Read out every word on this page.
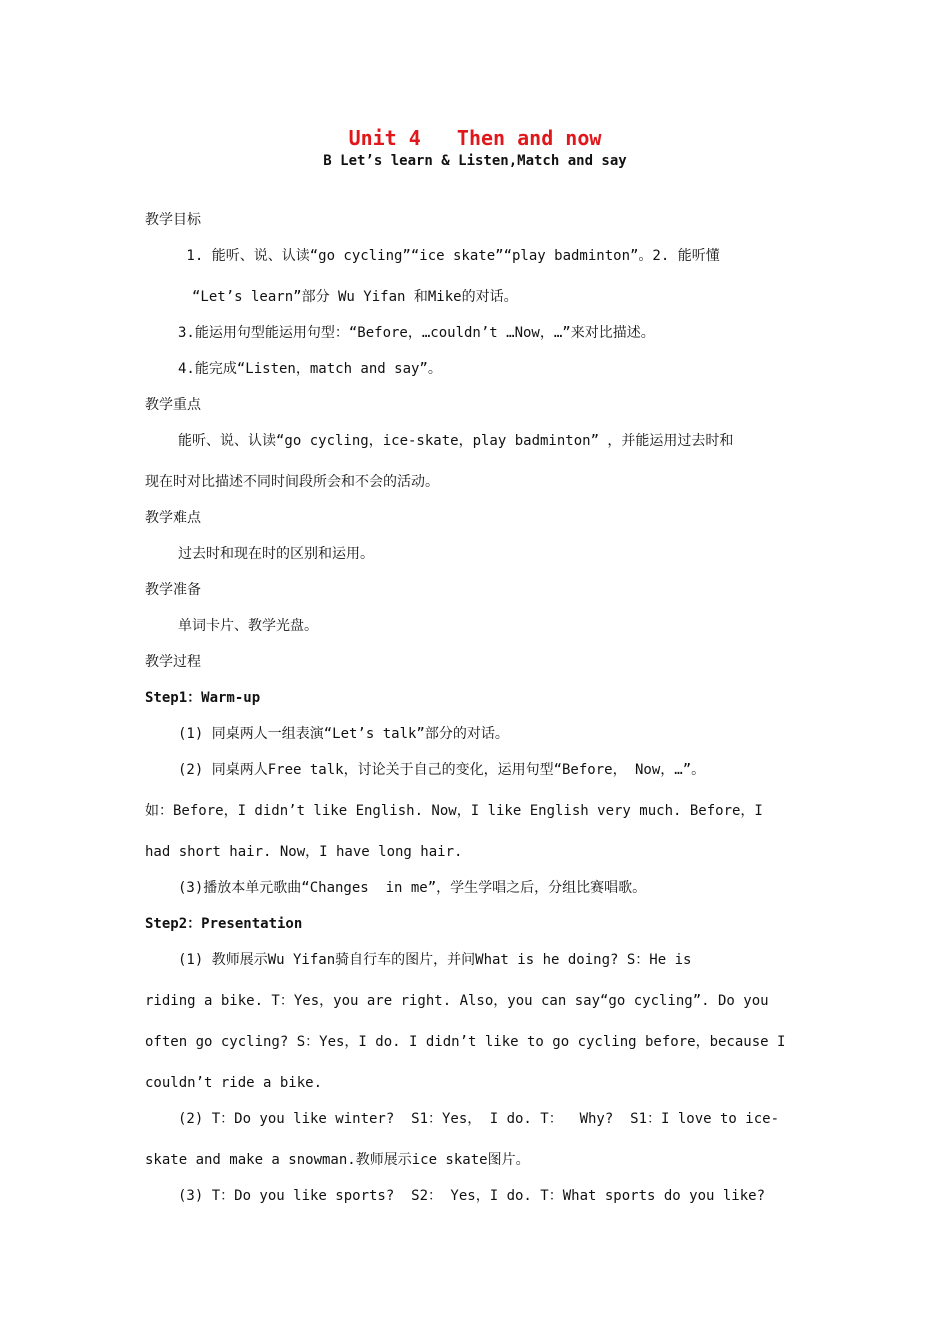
Unit 4   Then and now
B Let’s learn & Listen,Match and say
教学目标
1. 能听、说、认读“go cycling”“ice skate”“play badminton”。2. 能听懂
“Let’s learn”部分 Wu Yifan 和Mike的对话。
3.能运用句型能运用句型：“Before，…couldn’t …Now，…”来对比描述。
4.能完成“Listen，match and say”。
教学重点
能听、说、认读“go cycling，ice-skate，play badminton” ，并能运用过去时和
现在时对比描述不同时间段所会和不会的活动。
教学难点
过去时和现在时的区别和运用。
教学准备
单词卡片、教学光盘。
教学过程
Step1：Warm-up
(1) 同桌两人一组表演“Let’s talk”部分的对话。
(2) 同桌两人Free talk，讨论关于自己的变化，运用句型“Before， Now，…”。
如：Before，I didn’t like English. Now，I like English very much. Before，I
had short hair. Now，I have long hair.
(3)播放本单元歌曲“Changes  in me”，学生学唱之后，分组比赛唱歌。
Step2：Presentation
(1) 教师展示Wu Yifan骑自行车的图片，并问What is he doing? S：He is
riding a bike. T：Yes，you are right. Also，you can say“go cycling”. Do you
often go cycling? S：Yes，I do. I didn’t like to go cycling before，because I
couldn’t ride a bike.
(2) T：Do you like winter?  S1：Yes， I do. T：  Why?  S1：I love to ice-
skate and make a snowman.教师展示ice skate图片。
(3) T：Do you like sports?  S2： Yes，I do. T：What sports do you like?
